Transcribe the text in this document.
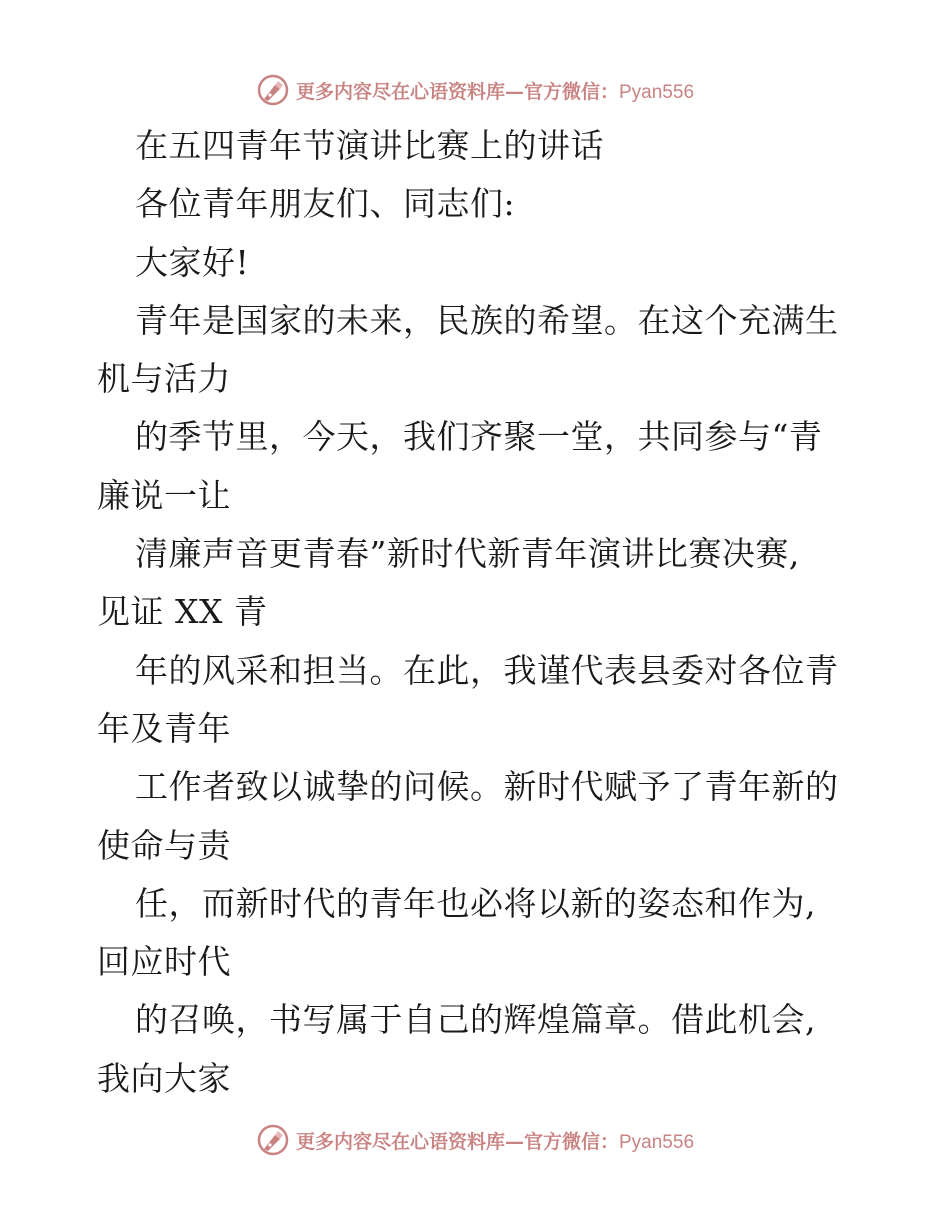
更多内容尽在心语资料库—官方微信：Pyan556
在五四青年节演讲比赛上的讲话
各位青年朋友们、同志们:
大家好!
青年是国家的未来，民族的希望。在这个充满生
机与活力
的季节里，今天，我们齐聚一堂，共同参与“青
廉说一让
清廉声音更青春”新时代新青年演讲比赛决赛,
见证 XX 青
年的风采和担当。在此，我谨代表县委对各位青
年及青年
工作者致以诚挚的问候。新时代赋予了青年新的
使命与责
任，而新时代的青年也必将以新的姿态和作为,
回应时代
的召唤，书写属于自己的辉煌篇章。借此机会,
我向大家
更多内容尽在心语资料库—官方微信：Pyan556
